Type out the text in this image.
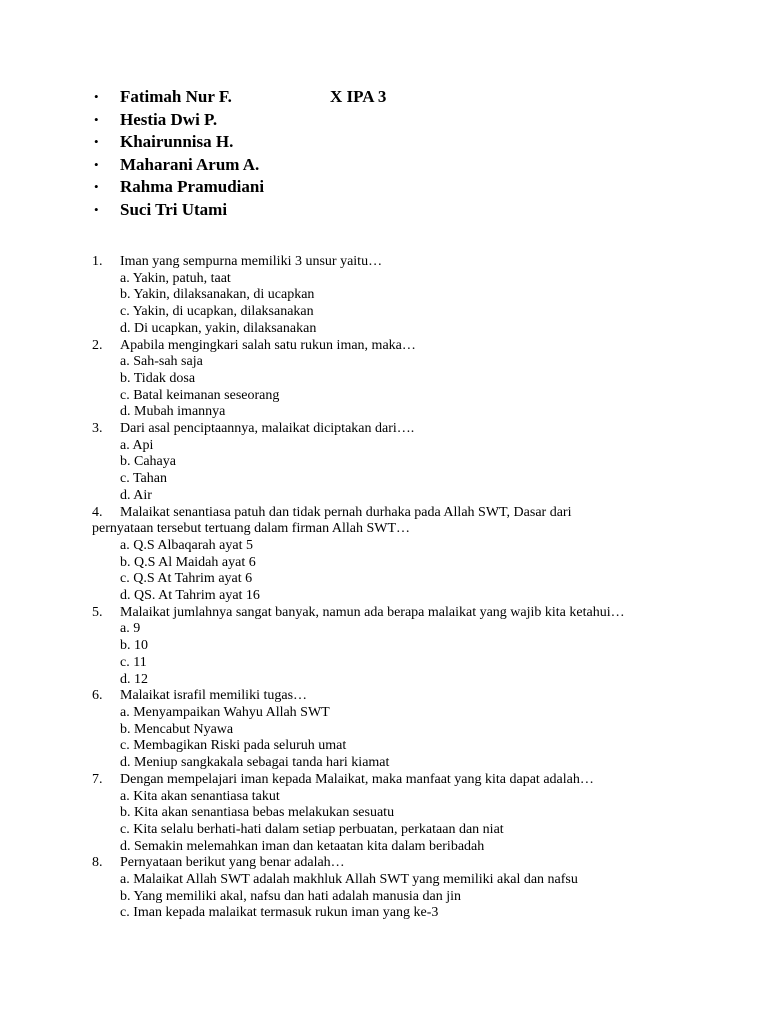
• Fatimah Nur F.	X IPA 3
• Hestia Dwi P.
• Khairunnisa H.
• Maharani Arum A.
• Rahma Pramudiani
• Suci Tri Utami
1. Iman yang sempurna memiliki 3 unsur yaitu…
a. Yakin, patuh, taat
b. Yakin, dilaksanakan, di ucapkan
c. Yakin, di ucapkan, dilaksanakan
d. Di ucapkan, yakin, dilaksanakan
2. Apabila mengingkari salah satu rukun iman, maka…
a. Sah-sah saja
b. Tidak dosa
c. Batal keimanan seseorang
d. Mubah imannya
3. Dari asal penciptaannya, malaikat diciptakan dari….
a. Api
b. Cahaya
c. Tahan
d. Air
4. Malaikat senantiasa patuh dan tidak pernah durhaka pada Allah SWT, Dasar dari
pernyataan tersebut tertuang dalam firman Allah SWT…
a. Q.S Albaqarah ayat 5
b. Q.S Al Maidah ayat 6
c. Q.S At Tahrim ayat 6
d. QS. At Tahrim ayat 16
5. Malaikat jumlahnya sangat banyak, namun ada berapa malaikat yang wajib kita ketahui…
a. 9
b. 10
c. 11
d. 12
6. Malaikat israfil memiliki tugas…
a. Menyampaikan Wahyu Allah SWT
b. Mencabut Nyawa
c. Membagikan Riski pada seluruh umat
d. Meniup sangkakala sebagai tanda hari kiamat
7. Dengan mempelajari iman kepada Malaikat, maka manfaat yang kita dapat adalah…
a. Kita akan senantiasa takut
b. Kita akan senantiasa bebas melakukan sesuatu
c. Kita selalu berhati-hati dalam setiap perbuatan, perkataan dan niat
d. Semakin melemahkan iman dan ketaatan kita dalam beribadah
8. Pernyataan berikut yang benar adalah…
a. Malaikat Allah SWT adalah makhluk Allah SWT yang memiliki akal dan nafsu
b. Yang memiliki akal, nafsu dan hati adalah manusia dan jin
c. Iman kepada malaikat termasuk rukun iman yang ke-3
